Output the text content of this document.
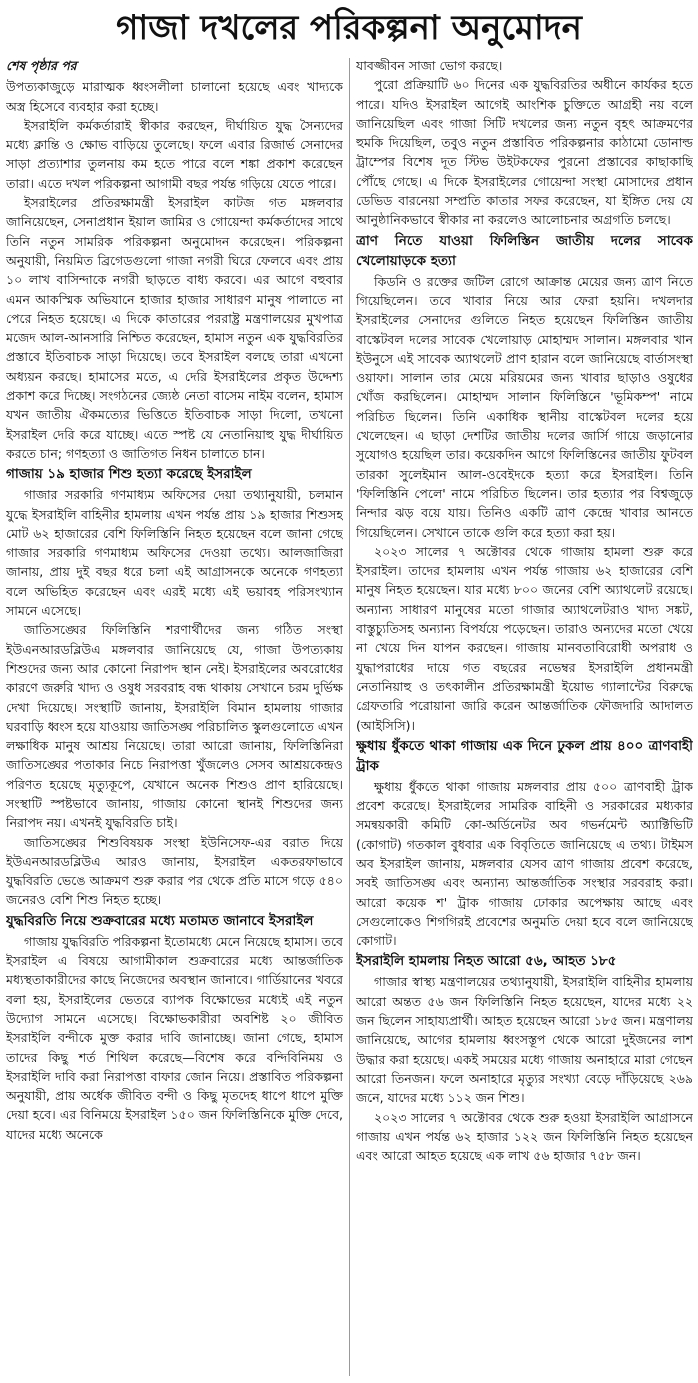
গাজা দখলের পরিকল্পনা অনুমোদন
শেষ পৃষ্ঠার পর

উপত্যকাজুড়ে মারাত্মক ধ্বংসলীলা চালানো হয়েছে এবং খাদ্যকে অস্ত্র হিসেবে ব্যবহার করা হচ্ছে।

ইসরাইলি কর্মকর্তারাই স্বীকার করছেন, দীর্ঘায়িত যুদ্ধ সৈন্যদের মধ্যে ক্লান্তি ও ক্ষোভ বাড়িয়ে তুলেছে। ফলে এবার রিজার্ভ সেনাদের সাড়া প্রত্যাশার তুলনায় কম হতে পারে বলে শঙ্কা প্রকাশ করেছেন তারা। এতে দখল পরিকল্পনা আগামী বছর পর্যন্ত গড়িয়ে যেতে পারে।

ইসরাইলের প্রতিরক্ষামন্ত্রী ইসরাইল কাটজ গত মঙ্গলবার জানিয়েছেন, সেনাপ্রধান ইয়াল জামির ও গোয়েন্দা কর্মকর্তাদের সাথে তিনি নতুন সামরিক পরিকল্পনা অনুমোদন করেছেন। পরিকল্পনা অনুযায়ী, নিয়মিত ব্রিগেডগুলো গাজা নগরী ঘিরে ফেলবে এবং প্রায় ১০ লাখ বাসিন্দাকে নগরী ছাড়তে বাধ্য করবে। এর আগে বহুবার এমন আকস্মিক অভিযানে হাজার হাজার সাধারণ মানুষ পালাতে না পেরে নিহত হয়েছে। এ দিকে কাতারের পররাষ্ট্র মন্ত্রণালয়ের মুখপাত্র মজেদ আল-আনসারি নিশ্চিত করেছেন, হামাস নতুন এক যুদ্ধবিরতির প্রস্তাবে ইতিবাচক সাড়া দিয়েছে। তবে ইসরাইল বলছে তারা এখনো অধ্যয়ন করছে। হামাসের মতে, এ দেরি ইসরাইলের প্রকৃত উদ্দেশ্য প্রকাশ করে দিচ্ছে। সংগঠনের জ্যেষ্ঠ নেতা বাসেম নাইম বলেন, হামাস যখন জাতীয় ঐকমত্যের ভিত্তিতে ইতিবাচক সাড়া দিলো, তখনো ইসরাইল দেরি করে যাচ্ছে। এতে স্পষ্ট যে নেতানিয়াহু যুদ্ধ দীর্ঘায়িত করতে চান; গণহত্যা ও জাতিগত নিধন চালাতে চান।

গাজায় ১৯ হাজার শিশু হত্যা করেছে ইসরাইল

গাজার সরকারি গণমাধ্যম অফিসের দেয়া তথ্যানুযায়ী, চলমান যুদ্ধে ইসরাইলি বাহিনীর হামলায় এখন পর্যন্ত প্রায় ১৯ হাজার শিশুসহ মোট ৬২ হাজারের বেশি ফিলিস্তিনি নিহত হয়েছেন বলে জানা গেছে গাজার সরকারি গণমাধ্যম অফিসের দেওয়া তথ্যে। আলজাজিরা জানায়, প্রায় দুই বছর ধরে চলা এই আগ্রাসনকে অনেকে গণহত্যা বলে অভিহিত করেছেন এবং এরই মধ্যে এই ভয়াবহ পরিসংখ্যান সামনে এসেছে।

জাতিসঙ্ঘের ফিলিস্তিনি শরণার্থীদের জন্য গঠিত সংস্থা ইউএনআরডব্লিউএ মঙ্গলবার জানিয়েছে যে, গাজা উপত্যকায় শিশুদের জন্য আর কোনো নিরাপদ স্থান নেই। ইসরাইলের অবরোধের কারণে জরুরি খাদ্য ও ওষুধ সরবরাহ বন্ধ থাকায় সেখানে চরম দুর্ভিক্ষ দেখা দিয়েছে। সংস্থাটি জানায়, ইসরাইলি বিমান হামলায় গাজার ঘরবাড়ি ধ্বংস হয়ে যাওয়ায় জাতিসঙ্ঘ পরিচালিত স্কুলগুলোতে এখন লক্ষাধিক মানুষ আশ্রয় নিয়েছে। তারা আরো জানায়, ফিলিস্তিনিরা জাতিসঙ্ঘের পতাকার নিচে নিরাপত্তা খুঁজলেও সেসব আশ্রয়কেন্দ্রও পরিণত হয়েছে মৃত্যুকূপে, যেখানে অনেক শিশুও প্রাণ হারিয়েছে। সংস্থাটি স্পষ্টভাবে জানায়, গাজায় কোনো স্থানই শিশুদের জন্য নিরাপদ নয়। এখনই যুদ্ধবিরতি চাই।

জাতিসঙ্ঘের শিশুবিষয়ক সংস্থা ইউনিসেফ-এর বরাত দিয়ে ইউএনআরডব্লিউএ আরও জানায়, ইসরাইল একতরফাভাবে যুদ্ধবিরতি ভেঙে আক্রমণ শুরু করার পর থেকে প্রতি মাসে গড়ে ৫৪০ জনেরও বেশি শিশু নিহত হচ্ছে।

যুদ্ধবিরতি নিয়ে শুক্রবারের মধ্যে মতামত জানাবে ইসরাইল

গাজায় যুদ্ধবিরতি পরিকল্পনা ইতোমধ্যে মেনে নিয়েছে হামাস। তবে ইসরাইল এ বিষয়ে আগামীকাল শুক্রবারের মধ্যে আন্তর্জাতিক মধ্যস্থতাকারীদের কাছে নিজেদের অবস্থান জানাবে। গার্ডিয়ানের খবরে বলা হয়, ইসরাইলের ভেতরে ব্যাপক বিক্ষোভের মধ্যেই এই নতুন উদ্যোগ সামনে এসেছে। বিক্ষোভকারীরা অবশিষ্ট ২০ জীবিত ইসরাইলি বন্দীকে মুক্ত করার দাবি জানাচ্ছে। জানা গেছে, হামাস তাদের কিছু শর্ত শিথিল করেছে—বিশেষ করে বন্দিবিনিময় ও ইসরাইলি দাবি করা নিরাপত্তা বাফার জোন নিয়ে। প্রস্তাবিত পরিকল্পনা অনুযায়ী, প্রায় অর্ধেক জীবিত বন্দী ও কিছু মৃতদেহ ধাপে ধাপে মুক্তি দেয়া হবে। এর বিনিময়ে ইসরাইল ১৫০ জন ফিলিস্তিনিকে মুক্তি দেবে, যাদের মধ্যে অনেকে

যাবজ্জীবন সাজা ভোগ করছে।

পুরো প্রক্রিয়াটি ৬০ দিনের এক যুদ্ধবিরতির অধীনে কার্যকর হতে পারে। যদিও ইসরাইল আগেই আংশিক চুক্তিতে আগ্রহী নয় বলে জানিয়েছিল এবং গাজা সিটি দখলের জন্য নতুন বৃহৎ আক্রমণের হুমকি দিয়েছিল, তবুও নতুন প্রস্তাবিত পরিকল্পনার কাঠামো ডোনাল্ড ট্রাম্পের বিশেষ দূত স্টিভ উইটকফের পুরনো প্রস্তাবের কাছাকাছি পৌঁছে গেছে। এ দিকে ইসরাইলের গোয়েন্দা সংস্থা মোসাদের প্রধান ডেভিড বারনেয়া সম্প্রতি কাতার সফর করেছেন, যা ইঙ্গিত দেয় যে আনুষ্ঠানিকভাবে স্বীকার না করলেও আলোচনার অগ্রগতি চলছে।

ত্রাণ নিতে যাওয়া ফিলিস্তিন জাতীয় দলের সাবেক খেলোয়াড়কে হত্যা

কিডনি ও রক্তের জটিল রোগে আক্রান্ত মেয়ের জন্য ত্রাণ নিতে গিয়েছিলেন। তবে খাবার নিয়ে আর ফেরা হয়নি। দখলদার ইসরাইলের সেনাদের গুলিতে নিহত হয়েছেন ফিলিস্তিন জাতীয় বাস্কেটবল দলের সাবেক খেলোয়াড় মোহাম্মদ সালান। মঙ্গলবার খান ইউনুসে এই সাবেক অ্যাথলেট প্রাণ হারান বলে জানিয়েছে বার্তাসংস্থা ওয়াফা। সালান তার মেয়ে মরিয়মের জন্য খাবার ছাড়াও ওষুধের খোঁজ করছিলেন। মোহাম্মদ সালান ফিলিস্তিনে 'ভূমিকম্প' নামে পরিচিত ছিলেন। তিনি একাধিক স্থানীয় বাস্কেটবল দলের হয়ে খেলেছেন। এ ছাড়া দেশটির জাতীয় দলের জার্সি গায়ে জড়ানোর সুযোগও হয়েছিল তার। কয়েকদিন আগে ফিলিস্তিনের জাতীয় ফুটবল তারকা সুলেইমান আল-ওবেইদকে হত্যা করে ইসরাইল। তিনি 'ফিলিস্তিনি পেলে' নামে পরিচিত ছিলেন। তার হত্যার পর বিশ্বজুড়ে নিন্দার ঝড় বয়ে যায়। তিনিও একটি ত্রাণ কেন্দ্রে খাবার আনতে গিয়েছিলেন। সেখানে তাকে গুলি করে হত্যা করা হয়।

২০২৩ সালের ৭ অক্টোবর থেকে গাজায় হামলা শুরু করে ইসরাইল। তাদের হামলায় এখন পর্যন্ত গাজায় ৬২ হাজারের বেশি মানুষ নিহত হয়েছেন। যার মধ্যে ৮০০ জনের বেশি অ্যাথলেট রয়েছে। অন্যান্য সাধারণ মানুষের মতো গাজার অ্যাথলেটরাও খাদ্য সঙ্কট, বাস্তুচ্যুতিসহ অন্যান্য বিপর্যয়ে পড়েছেন। তারাও অন্যদের মতো খেয়ে না খেয়ে দিন যাপন করছেন। গাজায় মানবতাবিরোধী অপরাধ ও যুদ্ধাপরাধের দায়ে গত বছরের নভেম্বর ইসরাইলি প্রধানমন্ত্রী নেতানিয়াহু ও তৎকালীন প্রতিরক্ষামন্ত্রী ইয়োভ গ্যালান্টের বিরুদ্ধে গ্রেফতারি পরোয়ানা জারি করেন আন্তর্জাতিক ফৌজদারি আদালত (আইসিসি)।

ক্ষুধায় ধুঁকতে থাকা গাজায় এক দিনে ঢুকল প্রায় ৪০০ ত্রাণবাহী ট্রাক

ক্ষুধায় ধুঁকতে থাকা গাজায় মঙ্গলবার প্রায় ৫০০ ত্রাণবাহী ট্রাক প্রবেশ করেছে। ইসরাইলের সামরিক বাহিনী ও সরকারের মধ্যকার সমন্বয়কারী কমিটি কো-অর্ডিনেটর অব গভর্নমেন্ট অ্যাক্টিভিটি (কোগাট) গতকাল বুধবার এক বিবৃতিতে জানিয়েছে এ তথ্য। টাইমস অব ইসরাইল জানায়, মঙ্গলবার যেসব ত্রাণ গাজায় প্রবেশ করেছে, সবই জাতিসঙ্ঘ এবং অন্যান্য আন্তর্জাতিক সংস্থার সরবরাহ করা। আরো কয়েক শ' ট্রাক গাজায় ঢোকার অপেক্ষায় আছে এবং সেগুলোকেও শিগগিরই প্রবেশের অনুমতি দেয়া হবে বলে জানিয়েছে কোগাট।

ইসরাইলি হামলায় নিহত আরো ৫৬, আহত ১৮৫

গাজার স্বাস্থ্য মন্ত্রণালয়ের তথ্যানুযায়ী, ইসরাইলি বাহিনীর হামলায় আরো অন্তত ৫৬ জন ফিলিস্তিনি নিহত হয়েছেন, যাদের মধ্যে ২২ জন ছিলেন সাহায্যপ্রার্থী। আহত হয়েছেন আরো ১৮৫ জন। মন্ত্রণালয় জানিয়েছে, আগের হামলায় ধ্বংসস্তূপ থেকে আরো দুইজনের লাশ উদ্ধার করা হয়েছে। একই সময়ের মধ্যে গাজায় অনাহারে মারা গেছেন আরো তিনজন। ফলে অনাহারে মৃত্যুর সংখ্যা বেড়ে দাঁড়িয়েছে ২৬৯ জনে, যাদের মধ্যে ১১২ জন শিশু।

২০২৩ সালের ৭ অক্টোবর থেকে শুরু হওয়া ইসরাইলি আগ্রাসনে গাজায় এখন পর্যন্ত ৬২ হাজার ১২২ জন ফিলিস্তিনি নিহত হয়েছেন এবং আরো আহত হয়েছে এক লাখ ৫৬ হাজার ৭৫৮ জন।
